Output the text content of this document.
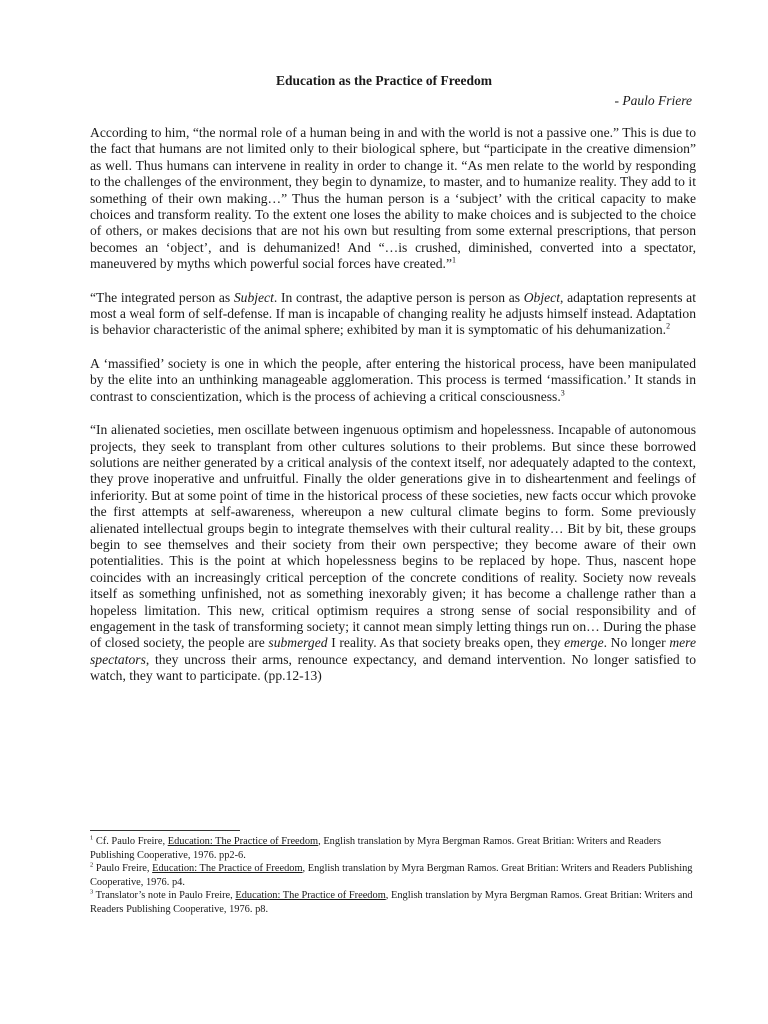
Education as the Practice of Freedom
- Paulo Friere

According to him, “the normal role of a human being in and with the world is not a passive one.” This is due to the fact that humans are not limited only to their biological sphere, but “participate in the creative dimension” as well. Thus humans can intervene in reality in order to change it. “As men relate to the world by responding to the challenges of the environment, they begin to dynamize, to master, and to humanize reality. They add to it something of their own making…” Thus the human person is a ‘subject’ with the critical capacity to make choices and transform reality. To the extent one loses the ability to make choices and is subjected to the choice of others, or makes decisions that are not his own but resulting from some external prescriptions, that person becomes an ‘object’, and is dehumanized! And “…is crushed, diminished, converted into a spectator, maneuvered by myths which powerful social forces have created.”$^1$

“The integrated person as Subject. In contrast, the adaptive person is person as Object, adaptation represents at most a weal form of self-defense. If man is incapable of changing reality he adjusts himself instead. Adaptation is behavior characteristic of the animal sphere; exhibited by man it is symptomatic of his dehumanization.$^2$

A ‘massified’ society is one in which the people, after entering the historical process, have been manipulated by the elite into an unthinking manageable agglomeration. This process is termed ‘massification.’ It stands in contrast to conscientization, which is the process of achieving a critical consciousness.$^3$

“In alienated societies, men oscillate between ingenuous optimism and hopelessness. Incapable of autonomous projects, they seek to transplant from other cultures solutions to their problems. But since these borrowed solutions are neither generated by a critical analysis of the context itself, nor adequately adapted to the context, they prove inoperative and unfruitful. Finally the older generations give in to disheartenment and feelings of inferiority. But at some point of time in the historical process of these societies, new facts occur which provoke the first attempts at self-awareness, whereupon a new cultural climate begins to form. Some previously alienated intellectual groups begin to integrate themselves with their cultural reality… Bit by bit, these groups begin to see themselves and their society from their own perspective; they become aware of their own potentialities. This is the point at which hopelessness begins to be replaced by hope. Thus, nascent hope coincides with an increasingly critical perception of the concrete conditions of reality. Society now reveals itself as something unfinished, not as something inexorably given; it has become a challenge rather than a hopeless limitation. This new, critical optimism requires a strong sense of social responsibility and of engagement in the task of transforming society; it cannot mean simply letting things run on… During the phase of closed society, the people are submerged I reality. As that society breaks open, they emerge. No longer mere spectators, they uncross their arms, renounce expectancy, and demand intervention. No longer satisfied to watch, they want to participate. (pp.12-13)

$^1$ Cf. Paulo Freire, Education: The Practice of Freedom, English translation by Myra Bergman Ramos. Great Britian: Writers and Readers Publishing Cooperative, 1976. pp2-6.

$^2$ Paulo Freire, Education: The Practice of Freedom, English translation by Myra Bergman Ramos. Great Britian: Writers and Readers Publishing Cooperative, 1976. p4.

$^3$ Translator’s note in Paulo Freire, Education: The Practice of Freedom, English translation by Myra Bergman Ramos. Great Britian: Writers and Readers Publishing Cooperative, 1976. p8.
